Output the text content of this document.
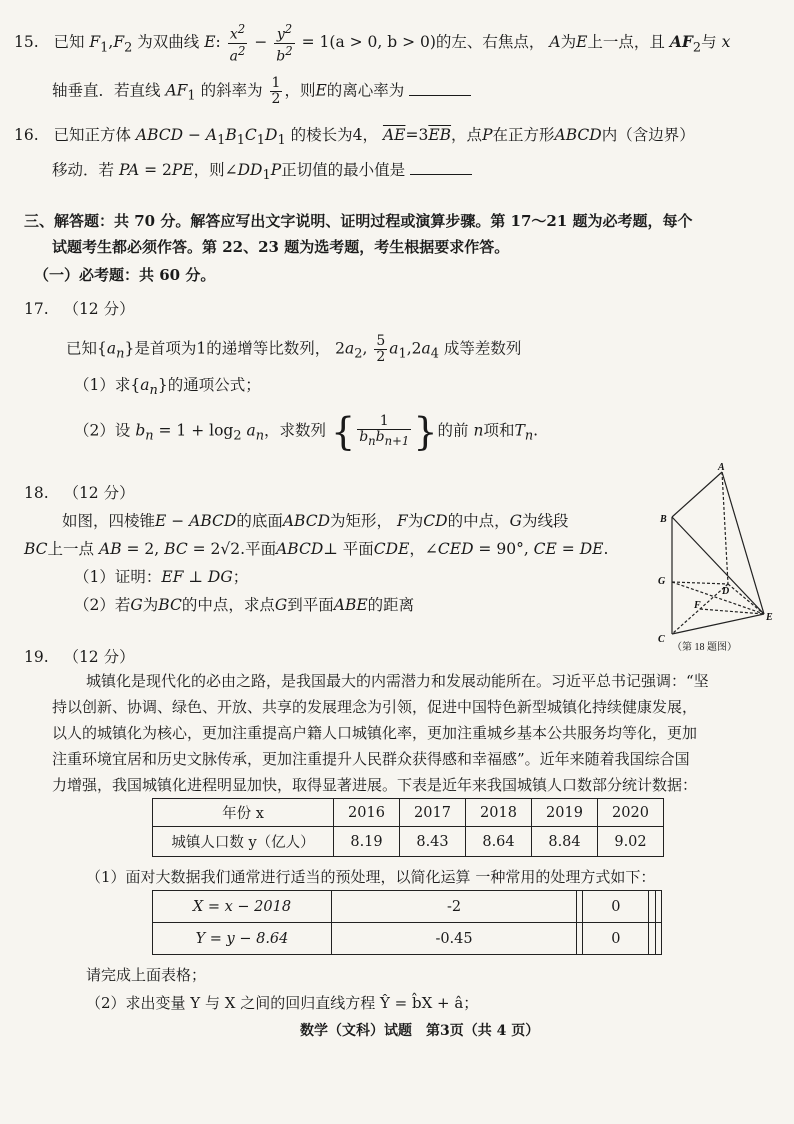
15. 已知 $F_1,F_2$ 为双曲线 E: $\frac{x^2}{a^2} - \frac{y^2}{b^2} = 1(a > 0$, b > 0)的左、右焦点， A为E上一点，且 $AF_2$与 x
轴垂直．若直线 $AF_1$ 的斜率为 $\frac{1}{2}$ ，则E的离心率为
16. 已知正方体 ABCD − $A_1B_1C_1D_1$ 的棱长为4， $\overline{AE}=3\overline{EB}$，点P在正方形ABCD内（含边界）
移动．若 PA = 2PE，则$\angle DD_1P$正切值的最小值是
三、解答题：共 70 分。解答应写出文字说明、证明过程或演算步骤。第 17～21 题为必考题，每个
试题考生都必须作答。第 22、23 题为选考题，考生根据要求作答。
（一）必考题：共 60 分。
17. （12 分）
已知$\{a_n\}$是首项为1的递增等比数列， $2a_2$, $\frac{5}{2} a_1,2a_4$ 成等差数列
（1）求$\{a_n\}$的通项公式；
（2）设 $b_n = 1 + \log_2 a_n$，求数列 { $\frac{1}{b_nb_{n+1}}$ }的前 n项和$T_n$.
18. （12 分）
如图，四棱锥E − ABCD的底面ABCD为矩形， F为CD的中点，G为线段
BC上一点 AB = 2, BC = 2√2.平面ABCD⊥ 平面CDE，∠CED = 90°, CE = DE.
（1）证明：EF ⊥ DG；
（2）若G为BC的中点，求点G到平面ABE的距离
A
B
G
C
D
F
E
（第 18 题图）
19. （12 分）
城镇化是现代化的必由之路，是我国最大的内需潜力和发展动能所在。习近平总书记强调：“坚
持以创新、协调、绿色、开放、共享的发展理念为引领，促进中国特色新型城镇化持续健康发展，
以人的城镇化为核心，更加注重提高户籍人口城镇化率，更加注重城乡基本公共服务均等化，更加
注重环境宜居和历史文脉传承，更加注重提升人民群众获得感和幸福感”。近年来随着我国综合国
力增强，我国城镇化进程明显加快，取得显著进展。下表是近年来我国城镇人口数部分统计数据：
年份 x	2016	2017	2018	2019	2020
城镇人口数 y（亿人）	8.19	8.43	8.64	8.84	9.02
（1）面对大数据我们通常进行适当的预处理，以简化运算 一种常用的处理方式如下：
X = x − 2018	-2		0		
Y = y − 8.64	-0.45		0		
请完成上面表格；
（2）求出变量 Y 与 X 之间的回归直线方程 Ŷ = b̂X + â；
数学（文科）试题　第3页（共 4 页）
